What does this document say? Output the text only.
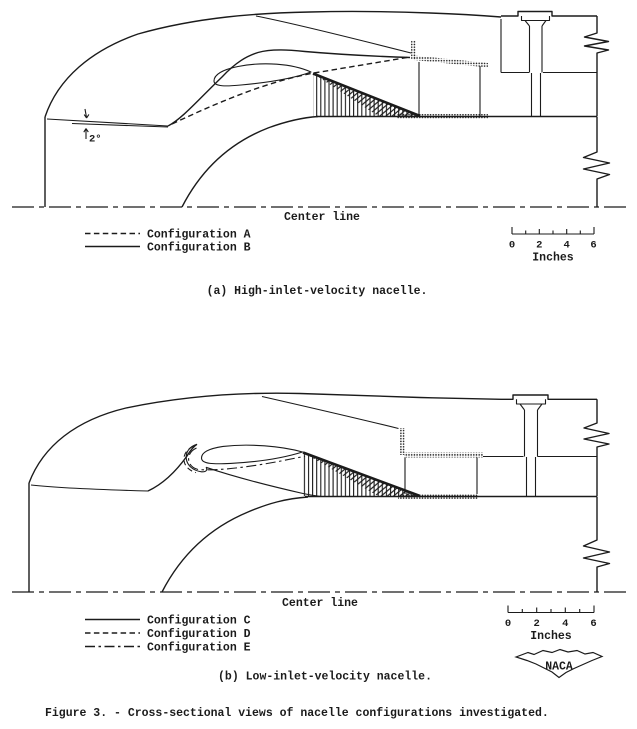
2°
Center line
Configuration A
Configuration B	0 2 4 6
Inches
(a) High-inlet-velocity nacelle.
Center line
Configuration C
Configuration D
Configuration E
0 2 4 6
Inches
NACA
(b) Low-inlet-velocity nacelle.
Figure 3. - Cross-sectional views of nacelle configurations investigated.
